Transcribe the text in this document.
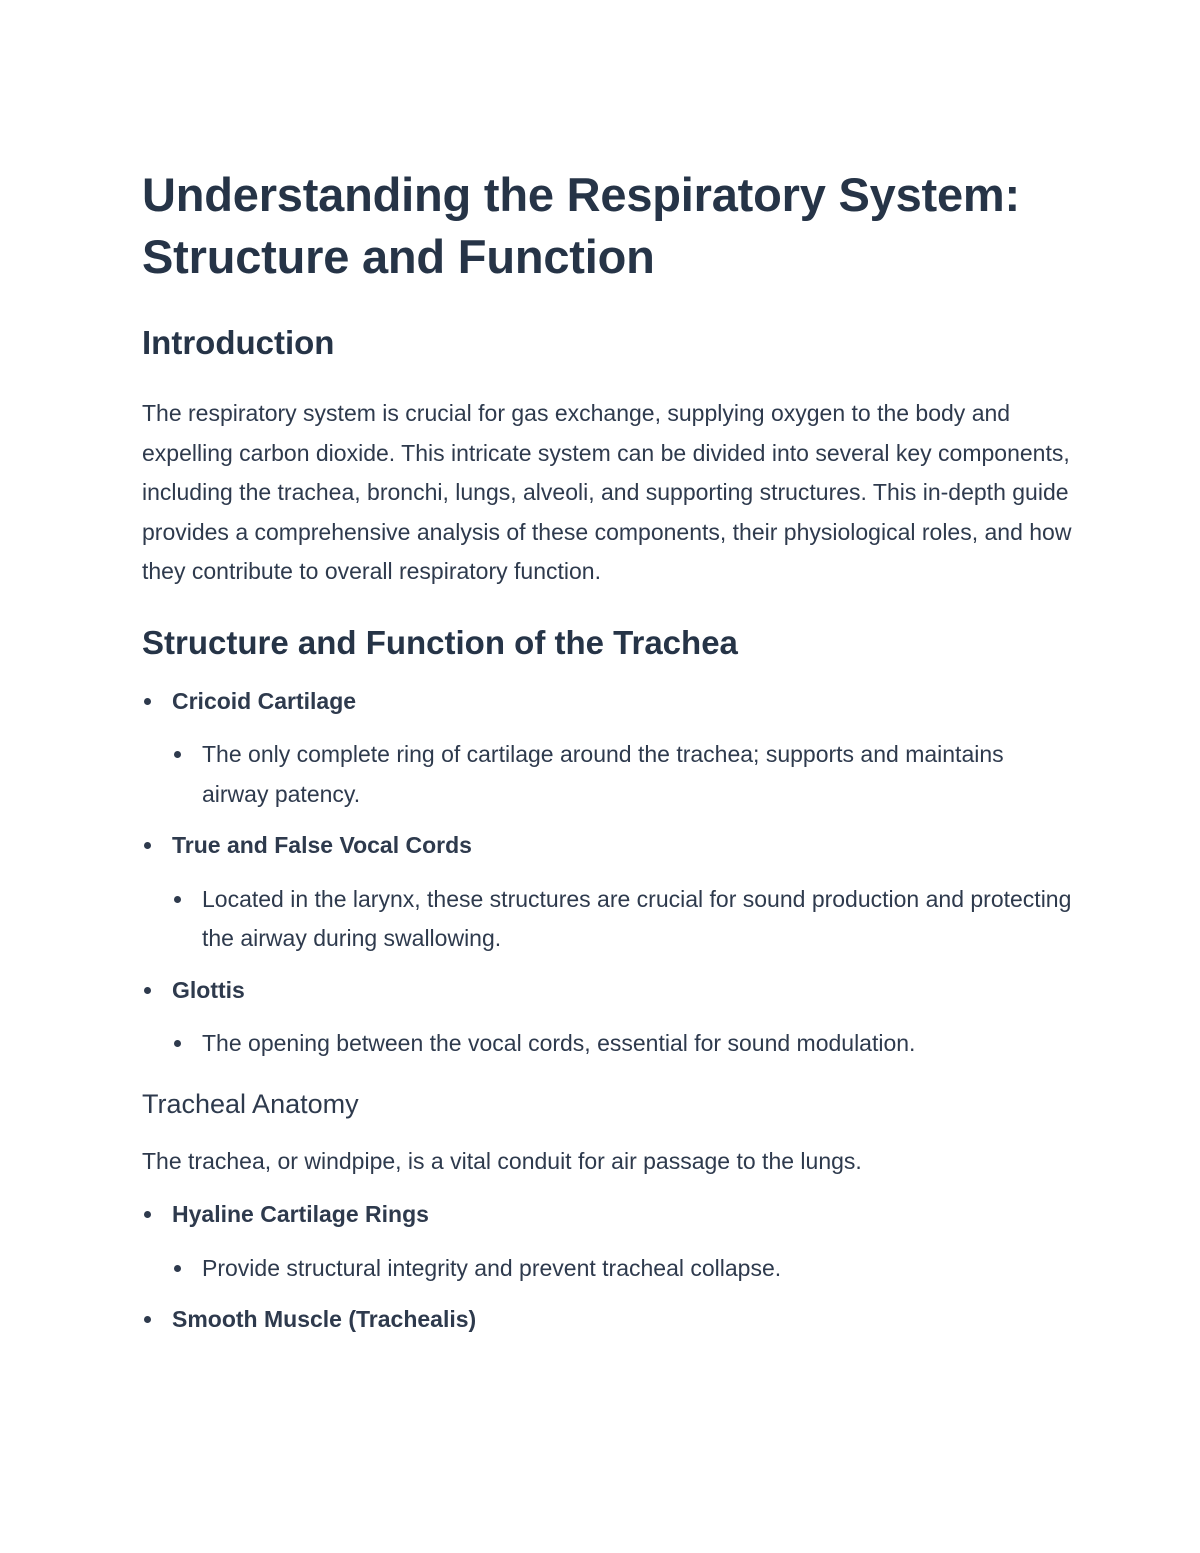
Understanding the Respiratory System: Structure and Function
Introduction

The respiratory system is crucial for gas exchange, supplying oxygen to the body and expelling carbon dioxide. This intricate system can be divided into several key components, including the trachea, bronchi, lungs, alveoli, and supporting structures. This in-depth guide provides a comprehensive analysis of these components, their physiological roles, and how they contribute to overall respiratory function.

Structure and Function of the Trachea
Cricoid Cartilage
The only complete ring of cartilage around the trachea; supports and maintains airway patency.
True and False Vocal Cords
Located in the larynx, these structures are crucial for sound production and protecting the airway during swallowing.
Glottis
The opening between the vocal cords, essential for sound modulation.
Tracheal Anatomy

The trachea, or windpipe, is a vital conduit for air passage to the lungs.

Hyaline Cartilage Rings
Provide structural integrity and prevent tracheal collapse.
Smooth Muscle (Trachealis)
